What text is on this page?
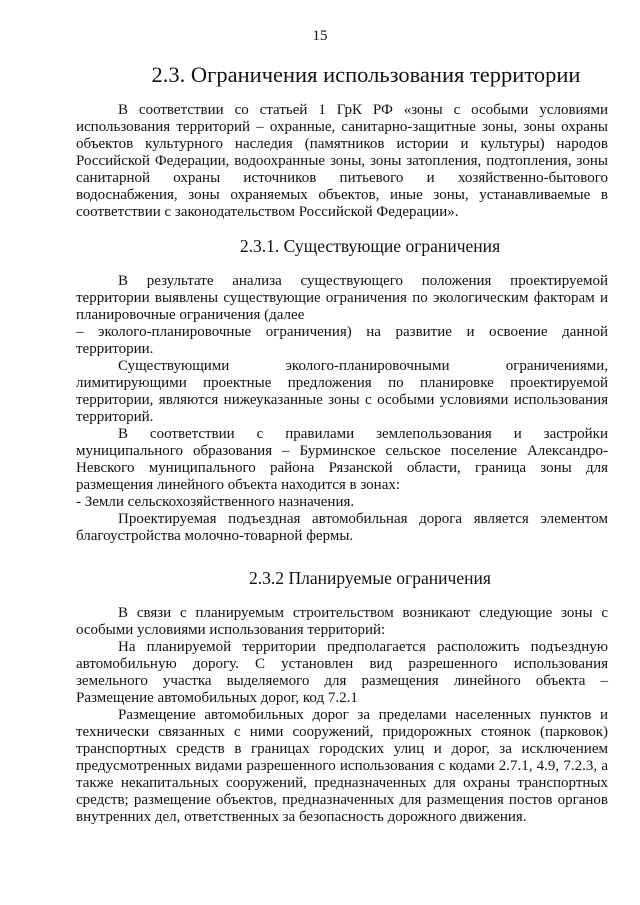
15
2.3. Ограничения использования территории

В соответствии со статьей 1 ГрК РФ «зоны с особыми условиями использования территорий – охранные, санитарно-защитные зоны, зоны охраны объектов культурного наследия (памятников истории и культуры) народов Российской Федерации, водоохранные зоны, зоны затопления, подтопления, зоны санитарной охраны источников питьевого и хозяйственно-бытового водоснабжения, зоны охраняемых объектов, иные зоны, устанавливаемые в соответствии с законодательством Российской Федерации».

2.3.1. Существующие ограничения

В результате анализа существующего положения проектируемой территории выявлены существующие ограничения по экологическим факторам и планировочные ограничения (далее

– эколого-планировочные ограничения) на развитие и освоение данной территории.

Существующими эколого-планировочными ограничениями, лимитирующими проектные предложения по планировке проектируемой территории, являются нижеуказанные зоны с особыми условиями использования территорий.

В соответствии с правилами землепользования и застройки муниципального образования – Бурминское сельское поселение Александро-Невского муниципального района Рязанской области, граница зоны для размещения линейного объекта находится в зонах:

- Земли сельскохозяйственного назначения.

Проектируемая подъездная автомобильная дорога является элементом благоустройства молочно-товарной фермы.

2.3.2 Планируемые ограничения

В связи с планируемым строительством возникают следующие зоны с особыми условиями использования территорий:

На планируемой территории предполагается расположить подъездную автомобильную дорогу. С установлен вид разрешенного использования земельного участка выделяемого для размещения линейного объекта – Размещение автомобильных дорог, код 7.2.1

Размещение автомобильных дорог за пределами населенных пунктов и технически связанных с ними сооружений, придорожных стоянок (парковок) транспортных средств в границах городских улиц и дорог, за исключением предусмотренных видами разрешенного использования с кодами 2.7.1, 4.9, 7.2.3, а также некапитальных сооружений, предназначенных для охраны транспортных средств; размещение объектов, предназначенных для размещения постов органов внутренних дел, ответственных за безопасность дорожного движения.
